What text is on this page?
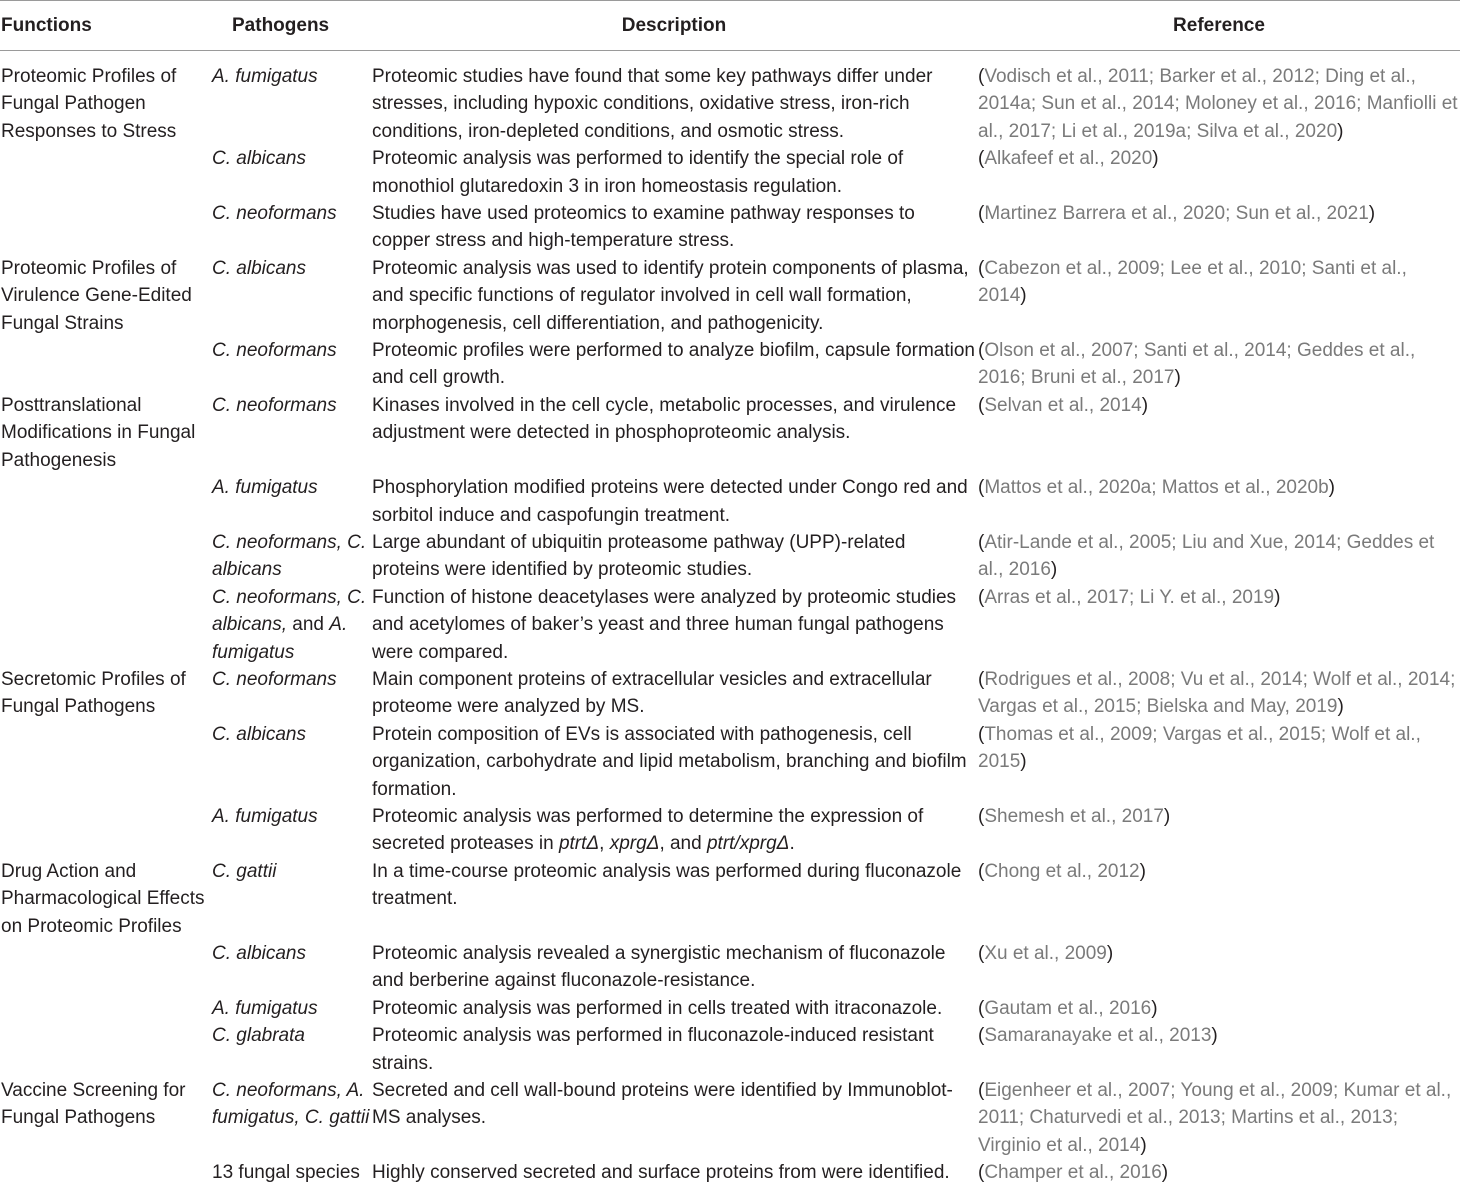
Functions	Pathogens	Description	Reference
Proteomic Profiles of Fungal Pathogen Responses to Stress	A. fumigatus	Proteomic studies have found that some key pathways differ under stresses, including hypoxic conditions, oxidative stress, iron-rich conditions, iron-depleted conditions, and osmotic stress.	(Vodisch et al., 2011; Barker et al., 2012; Ding et al., 2014a; Sun et al., 2014; Moloney et al., 2016; Manfiolli et al., 2017; Li et al., 2019a; Silva et al., 2020)
	C. albicans	Proteomic analysis was performed to identify the special role of monothiol glutaredoxin 3 in iron homeostasis regulation.	(Alkafeef et al., 2020)
	C. neoformans	Studies have used proteomics to examine pathway responses to copper stress and high-temperature stress.	(Martinez Barrera et al., 2020; Sun et al., 2021)
Proteomic Profiles of Virulence Gene-Edited Fungal Strains	C. albicans	Proteomic analysis was used to identify protein components of plasma, and specific functions of regulator involved in cell wall formation, morphogenesis, cell differentiation, and pathogenicity.	(Cabezon et al., 2009; Lee et al., 2010; Santi et al., 2014)
	C. neoformans	Proteomic profiles were performed to analyze biofilm, capsule formation and cell growth.	(Olson et al., 2007; Santi et al., 2014; Geddes et al., 2016; Bruni et al., 2017)
Posttranslational Modifications in Fungal Pathogenesis	C. neoformans	Kinases involved in the cell cycle, metabolic processes, and virulence adjustment were detected in phosphoproteomic analysis.	(Selvan et al., 2014)
	A. fumigatus	Phosphorylation modified proteins were detected under Congo red and sorbitol induce and caspofungin treatment.	(Mattos et al., 2020a; Mattos et al., 2020b)
	C. neoformans, C. albicans	Large abundant of ubiquitin proteasome pathway (UPP)-related proteins were identified by proteomic studies.	(Atir-Lande et al., 2005; Liu and Xue, 2014; Geddes et al., 2016)
	C. neoformans, C. albicans, and A. fumigatus	Function of histone deacetylases were analyzed by proteomic studies and acetylomes of baker’s yeast and three human fungal pathogens were compared.	(Arras et al., 2017; Li Y. et al., 2019)
Secretomic Profiles of Fungal Pathogens	C. neoformans	Main component proteins of extracellular vesicles and extracellular proteome were analyzed by MS.	(Rodrigues et al., 2008; Vu et al., 2014; Wolf et al., 2014; Vargas et al., 2015; Bielska and May, 2019)
	C. albicans	Protein composition of EVs is associated with pathogenesis, cell organization, carbohydrate and lipid metabolism, branching and biofilm formation.	(Thomas et al., 2009; Vargas et al., 2015; Wolf et al., 2015)
	A. fumigatus	Proteomic analysis was performed to determine the expression of secreted proteases in ptrtΔ, xprgΔ, and ptrt/xprgΔ.	(Shemesh et al., 2017)
Drug Action and Pharmacological Effects on Proteomic Profiles	C. gattii	In a time-course proteomic analysis was performed during fluconazole treatment.	(Chong et al., 2012)
	C. albicans	Proteomic analysis revealed a synergistic mechanism of fluconazole and berberine against fluconazole-resistance.	(Xu et al., 2009)
	A. fumigatus	Proteomic analysis was performed in cells treated with itraconazole.	(Gautam et al., 2016)
	C. glabrata	Proteomic analysis was performed in fluconazole-induced resistant strains.	(Samaranayake et al., 2013)
Vaccine Screening for Fungal Pathogens	C. neoformans, A. fumigatus, C. gattii	Secreted and cell wall-bound proteins were identified by Immunoblot-MS analyses.	(Eigenheer et al., 2007; Young et al., 2009; Kumar et al., 2011; Chaturvedi et al., 2013; Martins et al., 2013; Virginio et al., 2014)
	13 fungal species	Highly conserved secreted and surface proteins from were identified.	(Champer et al., 2016)
